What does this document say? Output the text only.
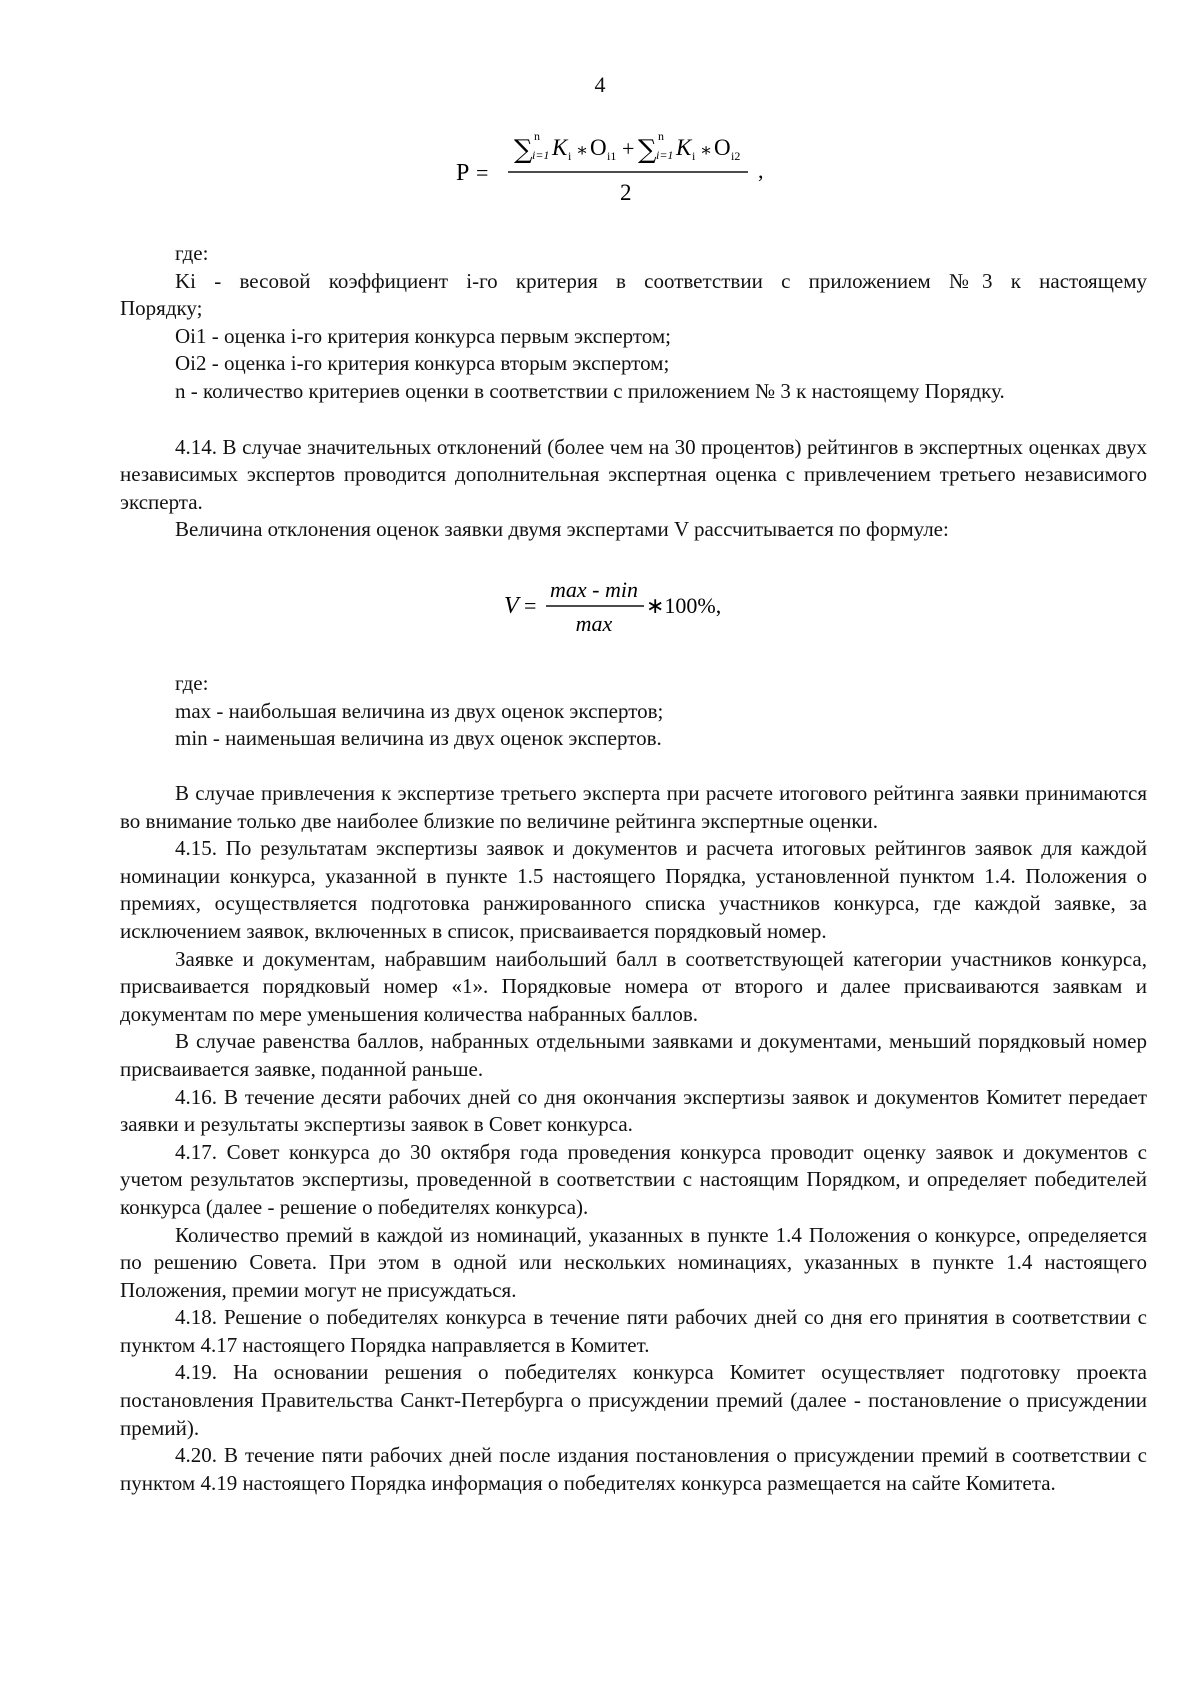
4
P =
∑ n
i=1 K i ∗ O i1 + ∑ n
i=1 K i ∗ O i2
2
,

где:

Ki - весовой коэффициент i-го критерия в соответствии с приложением №3 к настоящему

Порядку;

Oi1 - оценка i-го критерия конкурса первым экспертом;

Oi2 - оценка i-го критерия конкурса вторым экспертом;

n - количество критериев оценки в соответствии с приложением № 3 к настоящему Порядку.

4.14. В случае значительных отклонений (более чем на 30 процентов) рейтингов в экспертных оценках двух независимых экспертов проводится дополнительная экспертная оценка с привлечением третьего независимого эксперта.

Величина отклонения оценок заявки двумя экспертами V рассчитывается по формуле:

V =
max - min
max
∗100%,

где:

max - наибольшая величина из двух оценок экспертов;

min - наименьшая величина из двух оценок экспертов.

В случае привлечения к экспертизе третьего эксперта при расчете итогового рейтинга заявки принимаются во внимание только две наиболее близкие по величине рейтинга экспертные оценки.

4.15. По результатам экспертизы заявок и документов и расчета итоговых рейтингов заявок для каждой номинации конкурса, указанной в пункте 1.5 настоящего Порядка, установленной пунктом 1.4. Положения о премиях, осуществляется подготовка ранжированного списка участников конкурса, где каждой заявке, за исключением заявок, включенных в список, присваивается порядковый номер.

Заявке и документам, набравшим наибольший балл в соответствующей категории участников конкурса, присваивается порядковый номер «1». Порядковые номера от второго и далее присваиваются заявкам и документам по мере уменьшения количества набранных баллов.

В случае равенства баллов, набранных отдельными заявками и документами, меньший порядковый номер присваивается заявке, поданной раньше.

4.16. В течение десяти рабочих дней со дня окончания экспертизы заявок и документов Комитет передает заявки и результаты экспертизы заявок в Совет конкурса.

4.17. Совет конкурса до 30 октября года проведения конкурса проводит оценку заявок и документов с учетом результатов экспертизы, проведенной в соответствии с настоящим Порядком, и определяет победителей конкурса (далее - решение о победителях конкурса).

Количество премий в каждой из номинаций, указанных в пункте 1.4 Положения о конкурсе, определяется по решению Совета. При этом в одной или нескольких номинациях, указанных в пункте 1.4 настоящего Положения, премии могут не присуждаться.

4.18. Решение о победителях конкурса в течение пяти рабочих дней со дня его принятия в соответствии с пунктом 4.17 настоящего Порядка направляется в Комитет.

4.19. На основании решения о победителях конкурса Комитет осуществляет подготовку проекта постановления Правительства Санкт-Петербурга о присуждении премий (далее - постановление о присуждении премий).

4.20. В течение пяти рабочих дней после издания постановления о присуждении премий в соответствии с пунктом 4.19 настоящего Порядка информация о победителях конкурса размещается на сайте Комитета.
